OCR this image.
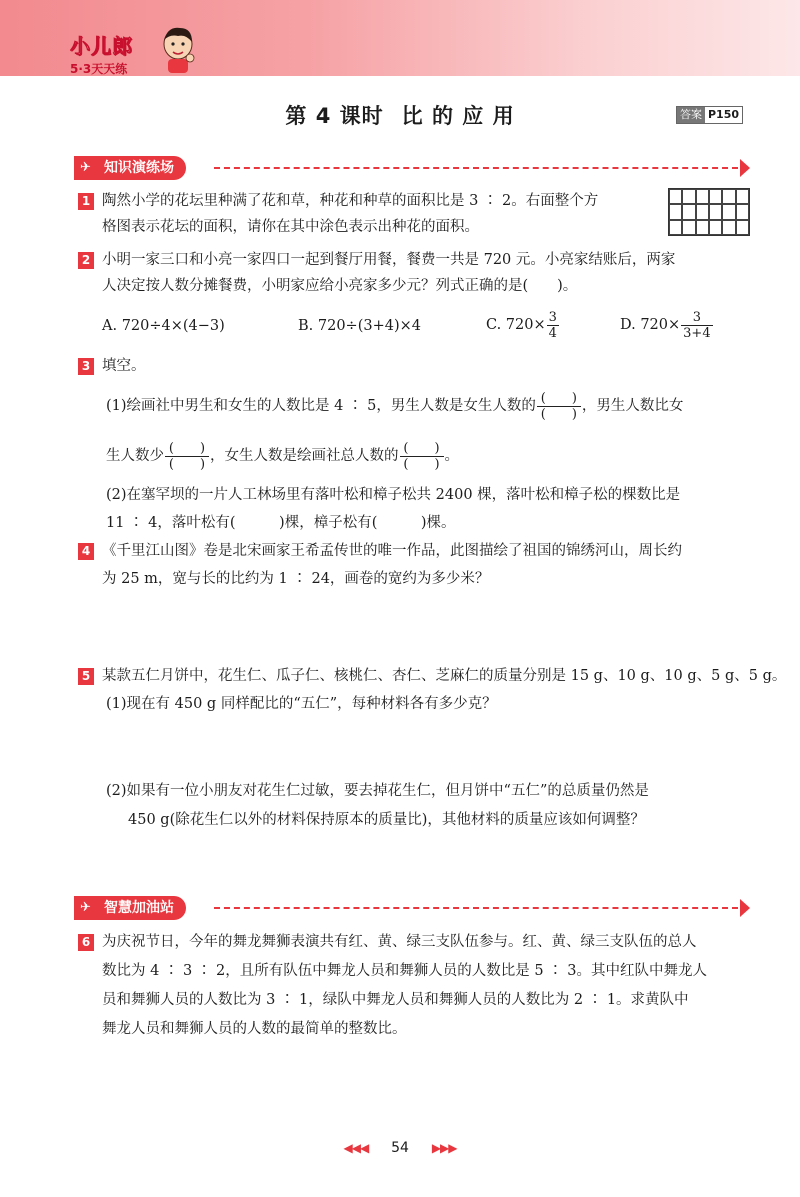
小儿郎
5·3天天练
第 4 课时 比 的 应 用	答案 P150
✈ 知识演练场
1 陶然小学的花坛里种满了花和草，种花和种草的面积比是 3 ∶ 2。右面整个方
格图表示花坛的面积，请你在其中涂色表示出种花的面积。
2 小明一家三口和小亮一家四口一起到餐厅用餐，餐费一共是 720 元。小亮家结账后，两家
人决定按人数分摊餐费，小明家应给小亮家多少元？列式正确的是(　　)。
A. 720÷4×(4−3)	B. 720÷(3+4)×4	C. $720\times \frac{3}{4}$	D. $720\times \frac{3}{3+4}$
3 填空。
(1)绘画社中男生和女生的人数比是 4 ∶ 5，男生人数是女生人数的 $\frac{( )}{( )}$ ，男生人数比女
生人数少 $\frac{( )}{( )}$ ，女生人数是绘画社总人数的 $\frac{( )}{( )}$ 。
(2)在塞罕坝的一片人工林场里有落叶松和樟子松共 2400 棵，落叶松和樟子松的棵数比是
11 ∶ 4，落叶松有(　　　)棵，樟子松有(　　　)棵。
4 《千里江山图》卷是北宋画家王希孟传世的唯一作品，此图描绘了祖国的锦绣河山，周长约
为 25 m，宽与长的比约为 1 ∶ 24，画卷的宽约为多少米？
5 某款五仁月饼中，花生仁、瓜子仁、核桃仁、杏仁、芝麻仁的质量分别是 15 g、10 g、10 g、5 g、5 g。
(1)现在有 450 g 同样配比的“五仁”，每种材料各有多少克？
(2)如果有一位小朋友对花生仁过敏，要去掉花生仁，但月饼中“五仁”的总质量仍然是
450 g(除花生仁以外的材料保持原本的质量比)，其他材料的质量应该如何调整？
✈ 智慧加油站
6 为庆祝节日，今年的舞龙舞狮表演共有红、黄、绿三支队伍参与。红、黄、绿三支队伍的总人
数比为 4 ∶ 3 ∶ 2，且所有队伍中舞龙人员和舞狮人员的人数比是 5 ∶ 3。其中红队中舞龙人
员和舞狮人员的人数比为 3 ∶ 1，绿队中舞龙人员和舞狮人员的人数比为 2 ∶ 1。求黄队中
舞龙人员和舞狮人员的人数的最简单的整数比。
◀◀◀ 54 ▶▶▶
